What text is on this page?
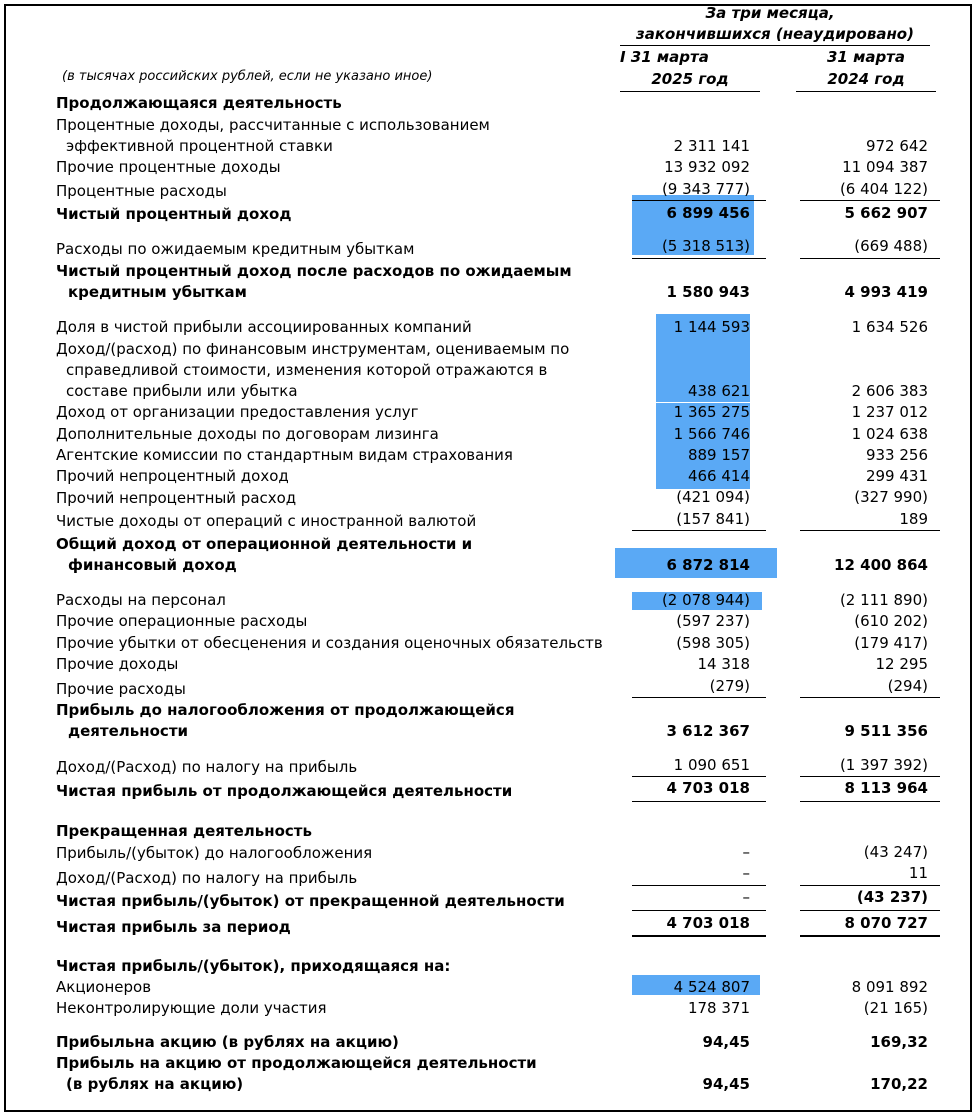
За три месяца,
закончившихся (неаудировано)
I 31 марта
2025 год
31 марта
2024 год
(в тысячах российских рублей, если не указано иное)
Продолжающаяся деятельность
Процентные доходы, рассчитанные с использованием
эффективной процентной ставки	2 311 141	972 642
Прочие процентные доходы	13 932 092	11 094 387
Процентные расходы	(9 343 777)	(6 404 122)
Чистый процентный доход	6 899 456	5 662 907
Расходы по ожидаемым кредитным убыткам	(5 318 513)	(669 488)
Чистый процентный доход после расходов по ожидаемым
кредитным убыткам	1 580 943	4 993 419
Доля в чистой прибыли ассоциированных компаний	1 144 593	1 634 526
Доход/(расход) по финансовым инструментам, оцениваемым по
справедливой стоимости, изменения которой отражаются в
составе прибыли или убытка	438 621	2 606 383
Доход от организации предоставления услуг	1 365 275	1 237 012
Дополнительные доходы по договорам лизинга	1 566 746	1 024 638
Агентские комиссии по стандартным видам страхования	889 157	933 256
Прочий непроцентный доход	466 414	299 431
Прочий непроцентный расход	(421 094)	(327 990)
Чистые доходы от операций с иностранной валютой	(157 841)	189
Общий доход от операционной деятельности и
финансовый доход	6 872 814	12 400 864
Расходы на персонал	(2 078 944)	(2 111 890)
Прочие операционные расходы	(597 237)	(610 202)
Прочие убытки от обесценения и создания оценочных обязательств	(598 305)	(179 417)
Прочие доходы	14 318	12 295
Прочие расходы	(279)	(294)
Прибыль до налогообложения от продолжающейся
деятельности	3 612 367	9 511 356
Доход/(Расход) по налогу на прибыль	1 090 651	(1 397 392)
Чистая прибыль от продолжающейся деятельности	4 703 018	8 113 964
Прекращенная деятельность
Прибыль/(убыток) до налогообложения	–	(43 247)
Доход/(Расход) по налогу на прибыль	–	11
Чистая прибыль/(убыток) от прекращенной деятельности	–	(43 237)
Чистая прибыль за период	4 703 018	8 070 727
Чистая прибыль/(убыток), приходящаяся на:
Акционеров	4 524 807	8 091 892
Неконтролирующие доли участия	178 371	(21 165)
Прибыльна акцию (в рублях на акцию)	94,45	169,32
Прибыль на акцию от продолжающейся деятельности
(в рублях на акцию)	94,45	170,22
